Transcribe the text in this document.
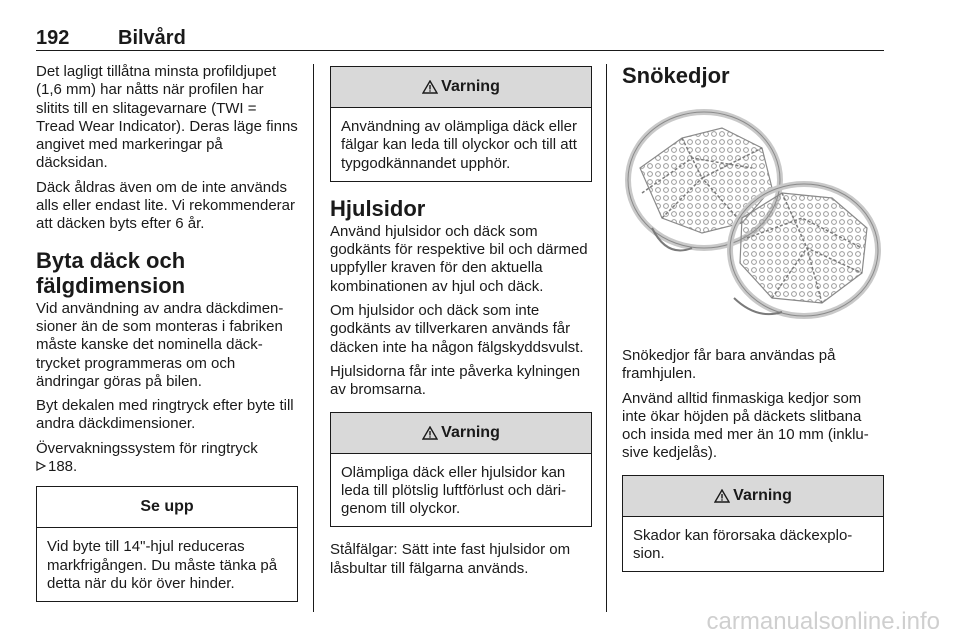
192 Bilvård

Det lagligt tillåtna minsta profildjupet (1,6 mm) har nåtts när profilen har slitits till en slitagevarnare (TWI = Tread Wear Indicator). Deras läge finns angivet med markeringar på däcksidan.

Däck åldras även om de inte används alls eller endast lite. Vi rekommenderar att däcken byts efter 6 år.

Byta däck och fälgdimension

Vid användning av andra däckdimensioner än de som monteras i fabriken måste kanske det nominella däcktrycket programmeras om och ändringar göras på bilen.

Byt dekalen med ringtryck efter byte till andra däckdimensioner.

Övervakningssystem för ringtryck
188.

Se upp

Vid byte till 14"-hjul reduceras markfrigången. Du måste tänka på detta när du kör över hinder.

Varning

Användning av olämpliga däck eller fälgar kan leda till olyckor och till att typgodkännandet upphör.

Hjulsidor

Använd hjulsidor och däck som godkänts för respektive bil och därmed uppfyller kraven för den aktuella kombinationen av hjul och däck.

Om hjulsidor och däck som inte godkänts av tillverkaren används får däcken inte ha någon fälgskyddsvulst.

Hjulsidorna får inte påverka kylningen av bromsarna.

Varning

Olämpliga däck eller hjulsidor kan leda till plötslig luftförlust och därigenom till olyckor.

Stålfälgar: Sätt inte fast hjulsidor om låsbultar till fälgarna används.

Snökedjor

Snökedjor får bara användas på framhjulen.

Använd alltid finmaskiga kedjor som inte ökar höjden på däckets slitbana och insida med mer än 10 mm (inklusive kedjelås).

Varning

Skador kan förorsaka däckexplosion.

carmanualsonline.info
